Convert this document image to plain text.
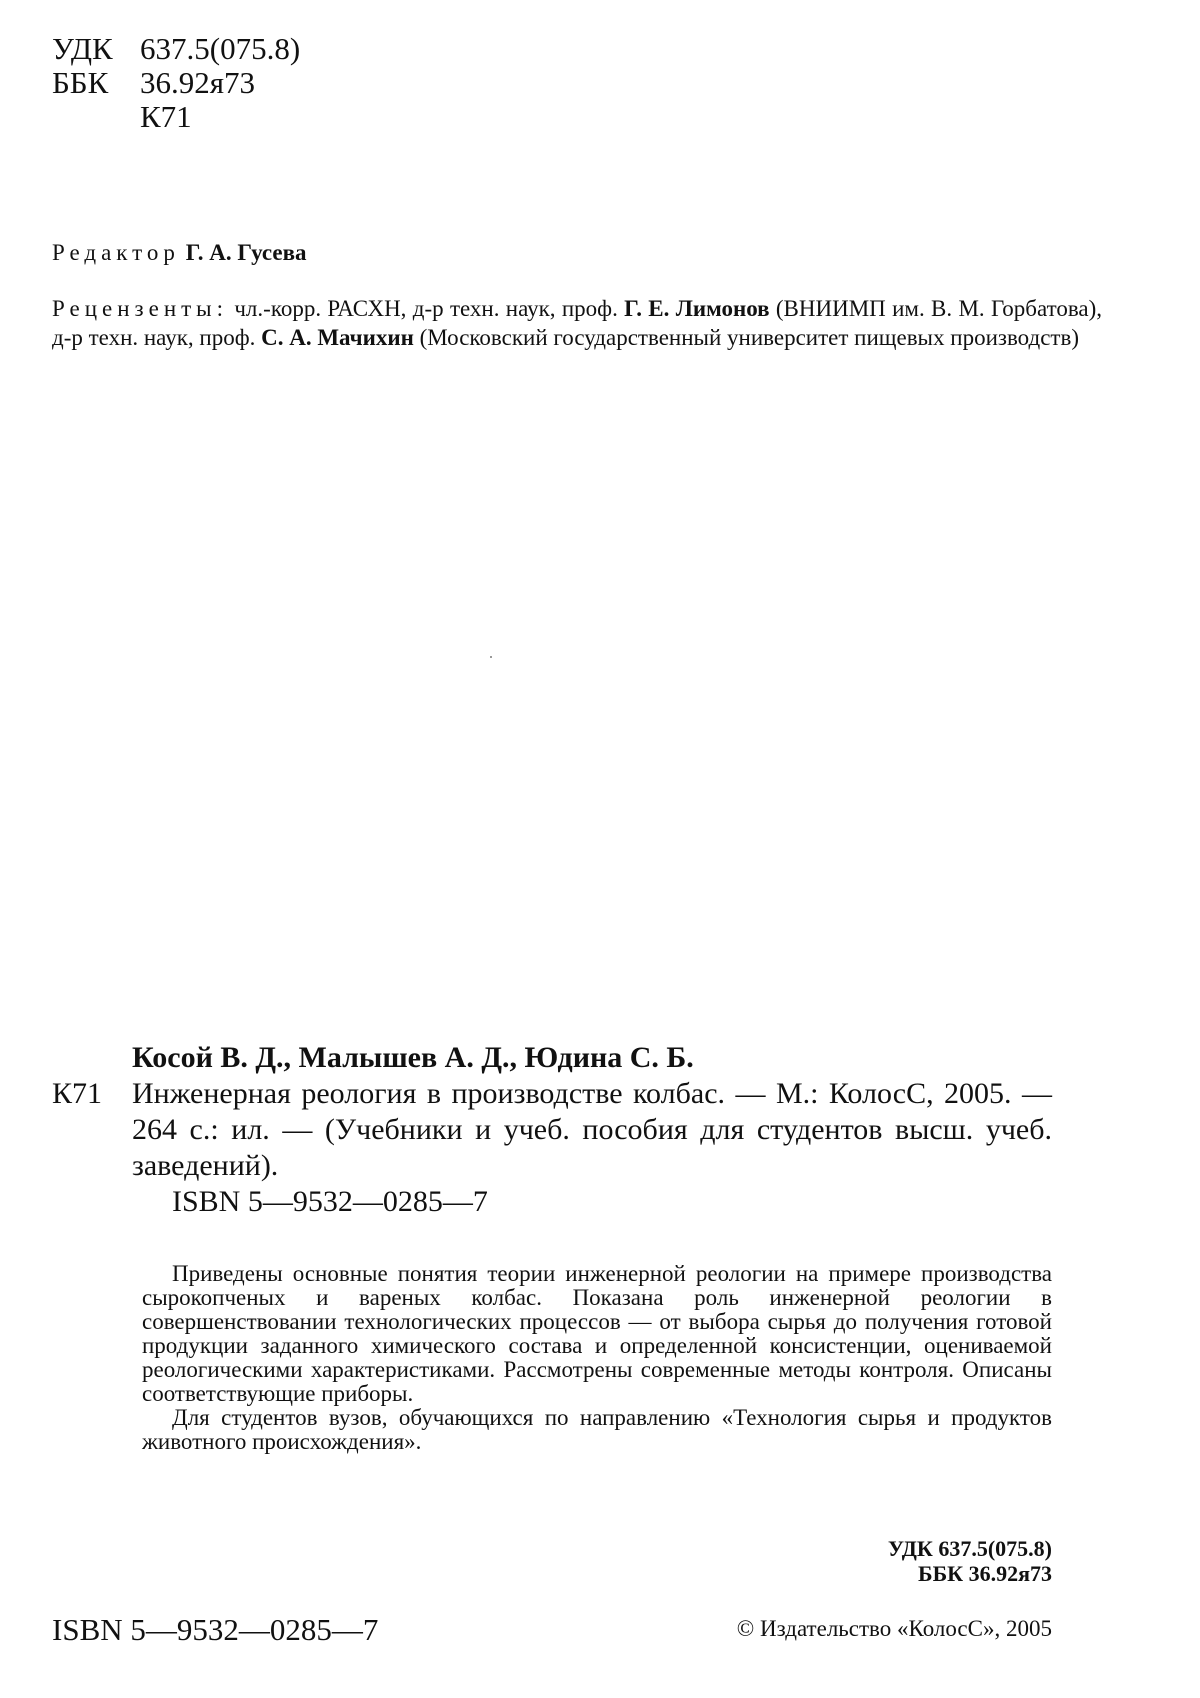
УДК 637.5(075.8)
ББК	36.92я73
К71
Редактор Г. А. Гусева
Рецензенты: чл.-корр. РАСХН, д-р техн. наук, проф. Г. Е. Лимонов (ВНИИМП им. В. М. Горбатова), д-р техн. наук, проф. С. А. Мачихин (Московский государственный университет пищевых производств)
Косой В. Д., Малышев А. Д., Юдина С. Б.
К71 Инженерная реология в производстве колбас. — М.: КолосС, 2005. — 264 с.: ил. — (Учебники и учеб. пособия для студентов высш. учеб. заведений).
ISBN 5—9532—0285—7

Приведены основные понятия теории инженерной реологии на примере производства сырокопченых и вареных колбас. Показана роль инженерной реологии в совершенствовании технологических процессов — от выбора сырья до получения готовой продукции заданного химического состава и определенной консистенции, оцениваемой реологическими характеристиками. Рассмотрены современные методы контроля. Описаны соответствующие приборы.

Для студентов вузов, обучающихся по направлению «Технология сырья и продуктов животного происхождения».

УДК 637.5(075.8)
ББК 36.92я73
ISBN 5—9532—0285—7	© Издательство «КолосС», 2005
